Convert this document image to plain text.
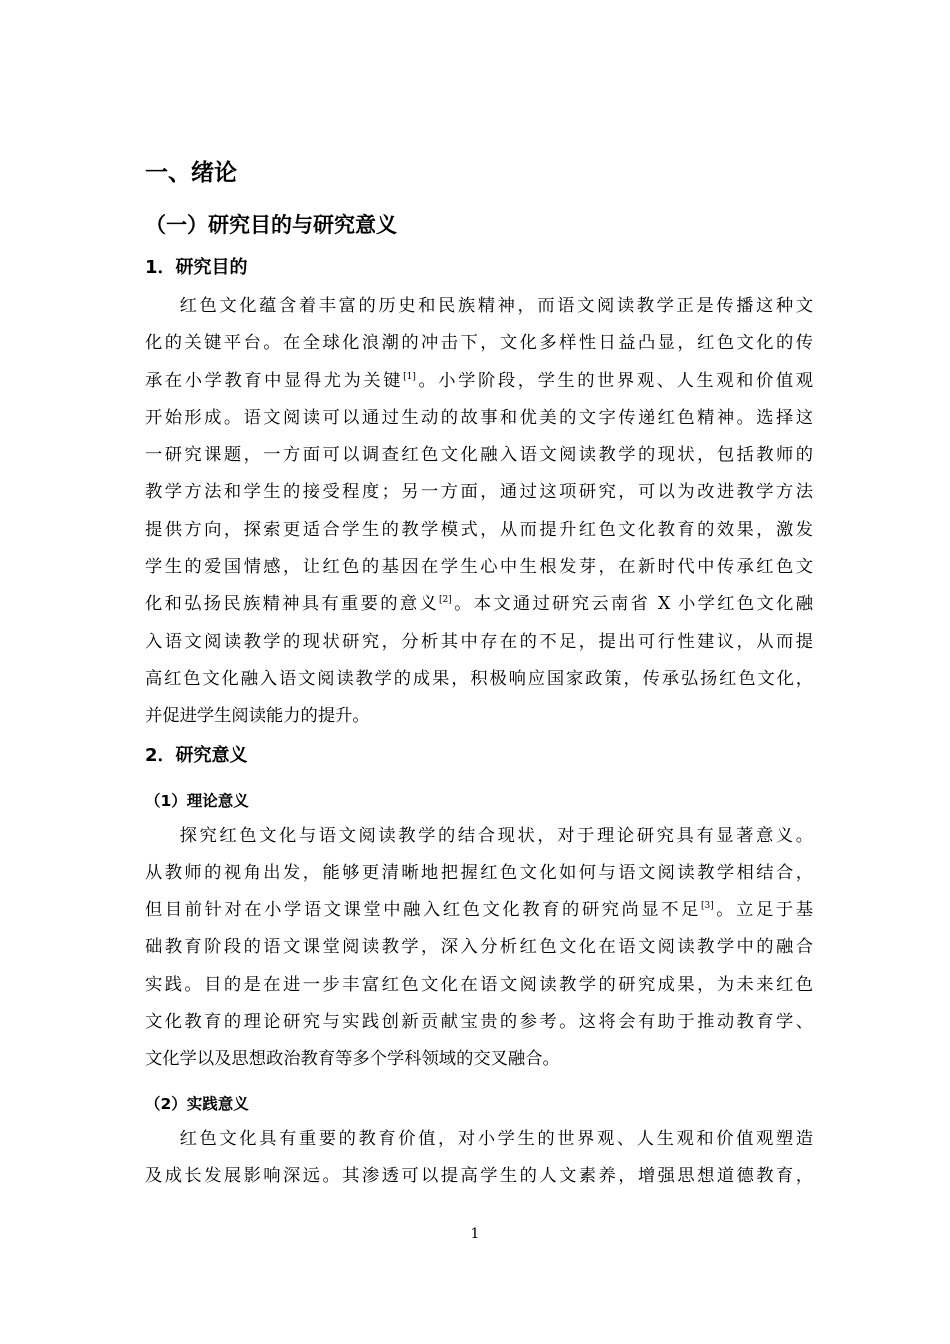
一、绪论
（一）研究目的与研究意义
1．研究目的
红色文化蕴含着丰富的历史和民族精神，而语文阅读教学正是传播这种文
化的关键平台。在全球化浪潮的冲击下，文化多样性日益凸显，红色文化的传
承在小学教育中显得尤为关键[1]。小学阶段，学生的世界观、人生观和价值观
开始形成。语文阅读可以通过生动的故事和优美的文字传递红色精神。选择这
一研究课题，一方面可以调查红色文化融入语文阅读教学的现状，包括教师的
教学方法和学生的接受程度；另一方面，通过这项研究，可以为改进教学方法
提供方向，探索更适合学生的教学模式，从而提升红色文化教育的效果，激发
学生的爱国情感，让红色的基因在学生心中生根发芽，在新时代中传承红色文
化和弘扬民族精神具有重要的意义[2]。本文通过研究云南省 X 小学红色文化融
入语文阅读教学的现状研究，分析其中存在的不足，提出可行性建议，从而提
高红色文化融入语文阅读教学的成果，积极响应国家政策，传承弘扬红色文化，
并促进学生阅读能力的提升。
2．研究意义
（1）理论意义
探究红色文化与语文阅读教学的结合现状，对于理论研究具有显著意义。
从教师的视角出发，能够更清晰地把握红色文化如何与语文阅读教学相结合，
但目前针对在小学语文课堂中融入红色文化教育的研究尚显不足[3]。立足于基
础教育阶段的语文课堂阅读教学，深入分析红色文化在语文阅读教学中的融合
实践。目的是在进一步丰富红色文化在语文阅读教学的研究成果，为未来红色
文化教育的理论研究与实践创新贡献宝贵的参考。这将会有助于推动教育学、
文化学以及思想政治教育等多个学科领域的交叉融合。
（2）实践意义
红色文化具有重要的教育价值，对小学生的世界观、人生观和价值观塑造
及成长发展影响深远。其渗透可以提高学生的人文素养，增强思想道德教育，
1
